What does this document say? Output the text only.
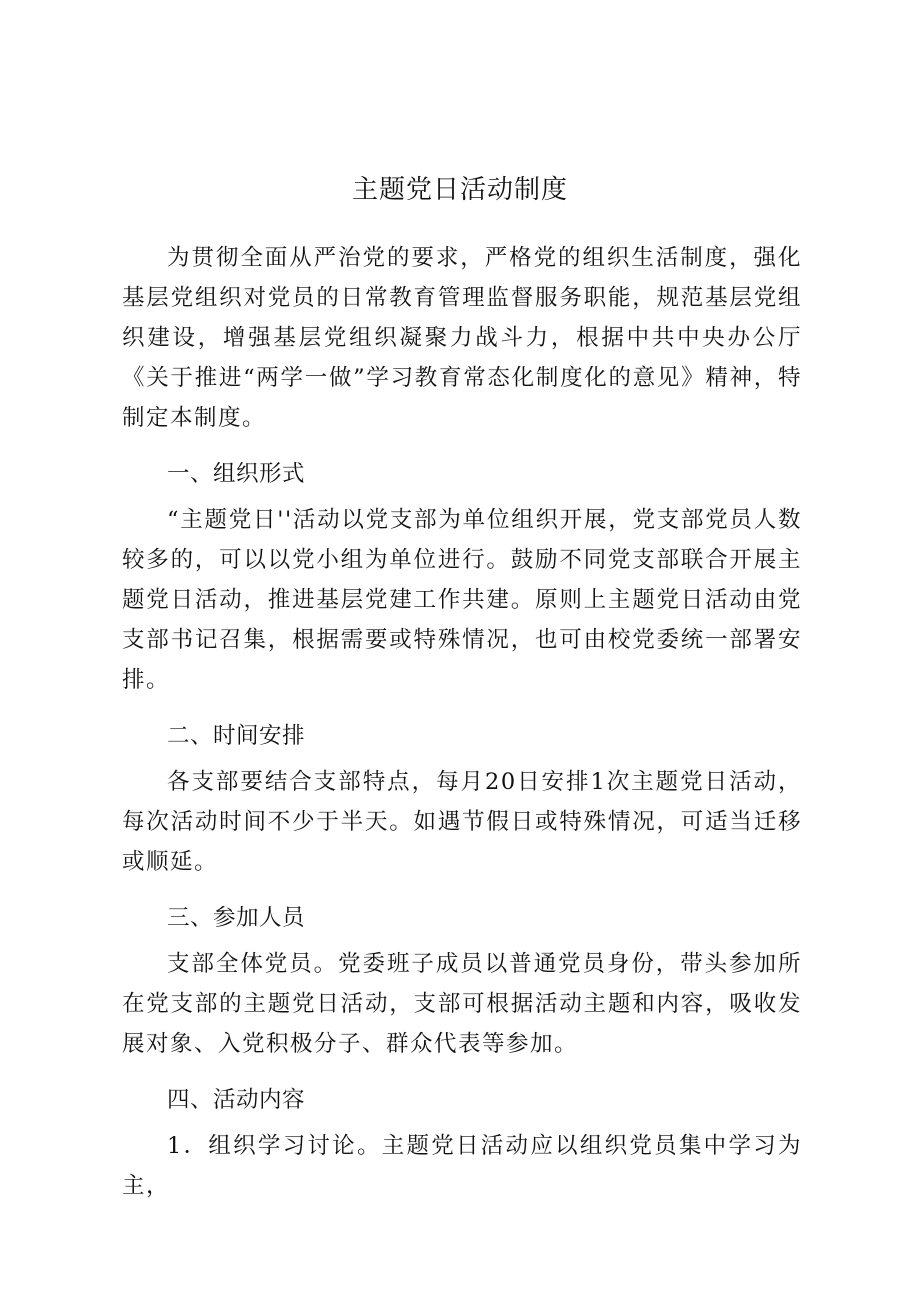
主题党日活动制度

为贯彻全面从严治党的要求，严格党的组织生活制度，强化基层党组织对党员的日常教育管理监督服务职能，规范基层党组织建设，增强基层党组织凝聚力战斗力，根据中共中央办公厅《关于推进“两学一做”学习教育常态化制度化的意见》精神，特制定本制度。

一、组织形式

“主题党日''活动以党支部为单位组织开展，党支部党员人数较多的，可以以党小组为单位进行。鼓励不同党支部联合开展主题党日活动，推进基层党建工作共建。原则上主题党日活动由党支部书记召集，根据需要或特殊情况，也可由校党委统一部署安排。

二、时间安排

各支部要结合支部特点，每月20日安排1次主题党日活动，每次活动时间不少于半天。如遇节假日或特殊情况，可适当迁移或顺延。

三、参加人员

支部全体党员。党委班子成员以普通党员身份，带头参加所在党支部的主题党日活动，支部可根据活动主题和内容，吸收发展对象、入党积极分子、群众代表等参加。

四、活动内容

1．组织学习讨论。主题党日活动应以组织党员集中学习为主，
